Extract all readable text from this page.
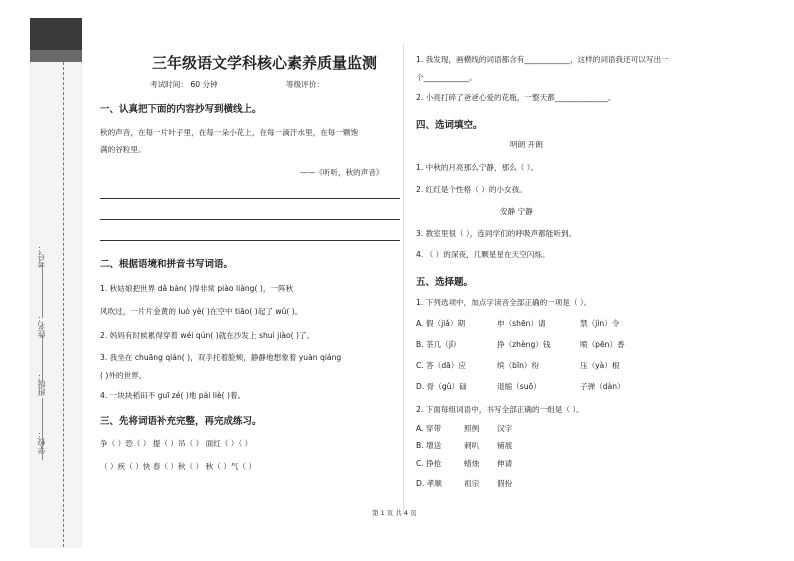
学校：
班级：
姓名：
考号：
三年级语文学科核心素养质量监测
考试时间： 60 分钟	等级评价：
一、认真把下面的内容抄写到横线上。
秋的声音，在每一片叶子里，在每一朵小花上，在每一滴汗水里，在每一颗饱
满的谷粒里。
——《听听，秋的声音》
二、根据语境和拼音书写词语。
1. 秋姑娘把世界 dǎ bàn( )得非常 piào liàng( )，一阵秋
风吹过，一片片金黄的 luò yè( )在空中 tiāo( )起了 wǔ( )。
2. 妈妈有时候累得穿着 wéi qún( )就在沙发上 shuì jiào( )了。
3. 我坐在 chuāng qián( )，双手托着脸颊，静静地想象着 yuàn qiáng
( )外的世界。
4. 一块块稻田不 guī zé( )地 pái liè( )着。
三、先将词语补充完整，再完成练习。
争（ ）恐（ ） 提（ ）吊（ ） 面红（ ）（ ）
（ ）疾（ ）快 春（ ）秋（ ） 秋（ ）气（ ）
1. 我发现，画横线的词语都含有____________，这样的词语我还可以写出一
个____________。
2. 小亮打碎了爸爸心爱的花瓶，一整天都______________。
四、选词填空。
明朗 开朗
1. 中秋的月亮那么宁静，那么（ ）。
2. 红红是个性格（ ）的小女孩。
安静 宁静
3. 教室里很（ ），连同学们的呼吸声都能听到。
4. （ ）的深夜，几颗星星在天空闪烁。
五、选择题。
1. 下列选项中，加点字读音全部正确的一项是（ ）。
A. 假（jiǎ）期	申（shēn）请	禁（jìn）令
B. 茶几（jǐ）	挣（zhèng）钱	喷（pēn）香
C. 答（dā）应	缤（bīn）纷	压（yà）根
D. 骨（gǔ）碌	退缩（suō）	子弹（dàn）
2. 下面每组词语中，书写全部正确的一组是（ ）。
A. 穿带	照例 汉字
B. 增送	刺叭 铺展
C. 挣抢	蜡烛 伸请
D. 孝顺	祖宗 假扮
第 1 页 共 4 页
